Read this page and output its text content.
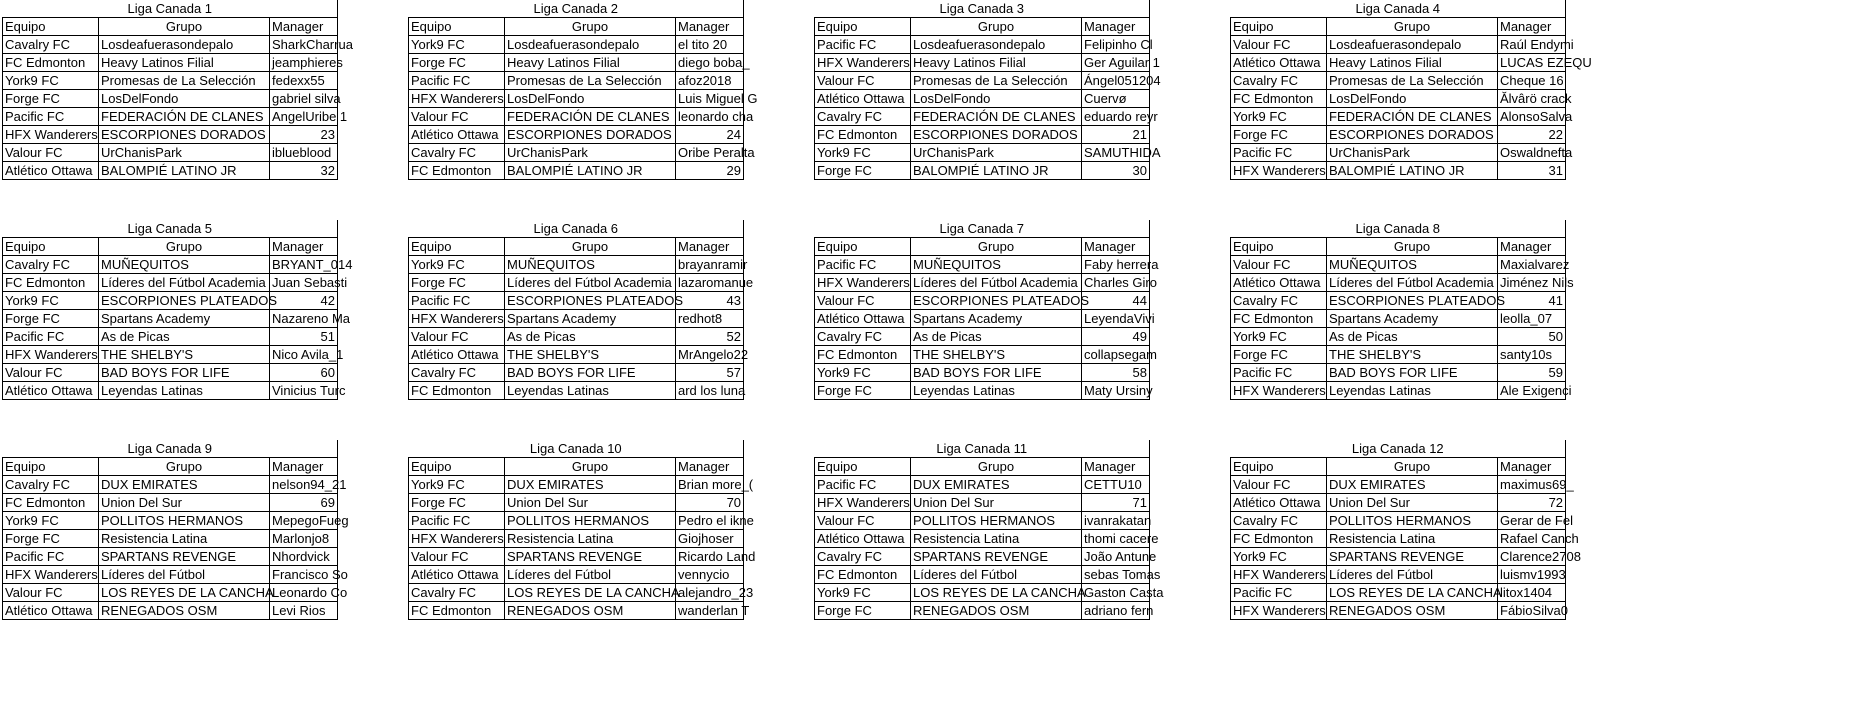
Liga Canada 1		
Equipo	Grupo	Manager
Cavalry FC	Losdeafuerasondepalo	SharkCharrua
FC Edmonton	Heavy Latinos Filial	jeamphieres
York9 FC	Promesas de La Selección	fedexx55
Forge FC	LosDelFondo	gabriel silva
Pacific FC	FEDERACIÓN DE CLANES	AngelUribe 1
HFX Wanderers	ESCORPIONES DORADOS	23
Valour FC	UrChanisPark	iblueblood
Atlético Ottawa	BALOMPIÉ LATINO JR	32
Liga Canada 2		
Equipo	Grupo	Manager
York9 FC	Losdeafuerasondepalo	el tito 20
Forge FC	Heavy Latinos Filial	diego boba_
Pacific FC	Promesas de La Selección	afoz2018
HFX Wanderers	LosDelFondo	Luis Miguel G
Valour FC	FEDERACIÓN DE CLANES	leonardo cha
Atlético Ottawa	ESCORPIONES DORADOS	24
Cavalry FC	UrChanisPark	Oribe Peralta
FC Edmonton	BALOMPIÉ LATINO JR	29
Liga Canada 3		
Equipo	Grupo	Manager
Pacific FC	Losdeafuerasondepalo	Felipinho Cl
HFX Wanderers	Heavy Latinos Filial	Ger Aguilar 1
Valour FC	Promesas de La Selección	Ángel051204
Atlético Ottawa	LosDelFondo	Cuervø
Cavalry FC	FEDERACIÓN DE CLANES	eduardo reyr
FC Edmonton	ESCORPIONES DORADOS	21
York9 FC	UrChanisPark	SAMUTHIDA
Forge FC	BALOMPIÉ LATINO JR	30
Liga Canada 4		
Equipo	Grupo	Manager
Valour FC	Losdeafuerasondepalo	Raúl Endymi
Atlético Ottawa	Heavy Latinos Filial	LUCAS EZEQU
Cavalry FC	Promesas de La Selección	Cheque 16
FC Edmonton	LosDelFondo	Ălvârö crack
York9 FC	FEDERACIÓN DE CLANES	AlonsoSalva
Forge FC	ESCORPIONES DORADOS	22
Pacific FC	UrChanisPark	Oswaldnefta
HFX Wanderers	BALOMPIÉ LATINO JR	31
Liga Canada 5		
Equipo	Grupo	Manager
Cavalry FC	MUÑEQUITOS	BRYANT_014
FC Edmonton	Líderes del Fútbol Academia	Juan Sebasti
York9 FC	ESCORPIONES PLATEADOS	42
Forge FC	Spartans Academy	Nazareno Ma
Pacific FC	As de Picas	51
HFX Wanderers	THE SHELBY'S	Nico Avila_1
Valour FC	BAD BOYS FOR LIFE	60
Atlético Ottawa	Leyendas Latinas	Vinicius Turc
Liga Canada 6		
Equipo	Grupo	Manager
York9 FC	MUÑEQUITOS	brayanramir
Forge FC	Líderes del Fútbol Academia	lazaromanue
Pacific FC	ESCORPIONES PLATEADOS	43
HFX Wanderers	Spartans Academy	redhot8
Valour FC	As de Picas	52
Atlético Ottawa	THE SHELBY'S	MrAngelo22
Cavalry FC	BAD BOYS FOR LIFE	57
FC Edmonton	Leyendas Latinas	ard los luna
Liga Canada 7		
Equipo	Grupo	Manager
Pacific FC	MUÑEQUITOS	Faby herrera
HFX Wanderers	Líderes del Fútbol Academia	Charles Giro
Valour FC	ESCORPIONES PLATEADOS	44
Atlético Ottawa	Spartans Academy	LeyendaVivi
Cavalry FC	As de Picas	49
FC Edmonton	THE SHELBY'S	collapsegam
York9 FC	BAD BOYS FOR LIFE	58
Forge FC	Leyendas Latinas	Maty Ursiny
Liga Canada 8		
Equipo	Grupo	Manager
Valour FC	MUÑEQUITOS	Maxialvarez
Atlético Ottawa	Líderes del Fútbol Academia	Jiménez Nils
Cavalry FC	ESCORPIONES PLATEADOS	41
FC Edmonton	Spartans Academy	leolla_07
York9 FC	As de Picas	50
Forge FC	THE SHELBY'S	santy10s
Pacific FC	BAD BOYS FOR LIFE	59
HFX Wanderers	Leyendas Latinas	Ale Exigenci
Liga Canada 9		
Equipo	Grupo	Manager
Cavalry FC	DUX EMIRATES	nelson94_21
FC Edmonton	Union Del Sur	69
York9 FC	POLLITOS HERMANOS	MepegoFueg
Forge FC	Resistencia Latina	Marlonjo8
Pacific FC	SPARTANS REVENGE	Nhordvick
HFX Wanderers	Líderes del Fútbol	Francisco So
Valour FC	LOS REYES DE LA CANCHA	Leonardo Co
Atlético Ottawa	RENEGADOS OSM	Levi Rios
Liga Canada 10		
Equipo	Grupo	Manager
York9 FC	DUX EMIRATES	Brian more_(
Forge FC	Union Del Sur	70
Pacific FC	POLLITOS HERMANOS	Pedro el ikne
HFX Wanderers	Resistencia Latina	Giojhoser
Valour FC	SPARTANS REVENGE	Ricardo Land
Atlético Ottawa	Líderes del Fútbol	vennycio
Cavalry FC	LOS REYES DE LA CANCHA	alejandro_23
FC Edmonton	RENEGADOS OSM	wanderlan T
Liga Canada 11		
Equipo	Grupo	Manager
Pacific FC	DUX EMIRATES	CETTU10
HFX Wanderers	Union Del Sur	71
Valour FC	POLLITOS HERMANOS	ivanrakatan
Atlético Ottawa	Resistencia Latina	thomi cacere
Cavalry FC	SPARTANS REVENGE	João Antune
FC Edmonton	Líderes del Fútbol	sebas Tomas
York9 FC	LOS REYES DE LA CANCHA	Gaston Casta
Forge FC	RENEGADOS OSM	adriano fern
Liga Canada 12		
Equipo	Grupo	Manager
Valour FC	DUX EMIRATES	maximus69_
Atlético Ottawa	Union Del Sur	72
Cavalry FC	POLLITOS HERMANOS	Gerar de Fel
FC Edmonton	Resistencia Latina	Rafael Canch
York9 FC	SPARTANS REVENGE	Clarence2708
HFX Wanderers	Líderes del Fútbol	luismv1993
Pacific FC	LOS REYES DE LA CANCHA	litox1404
HFX Wanderers	RENEGADOS OSM	FábioSilva0
